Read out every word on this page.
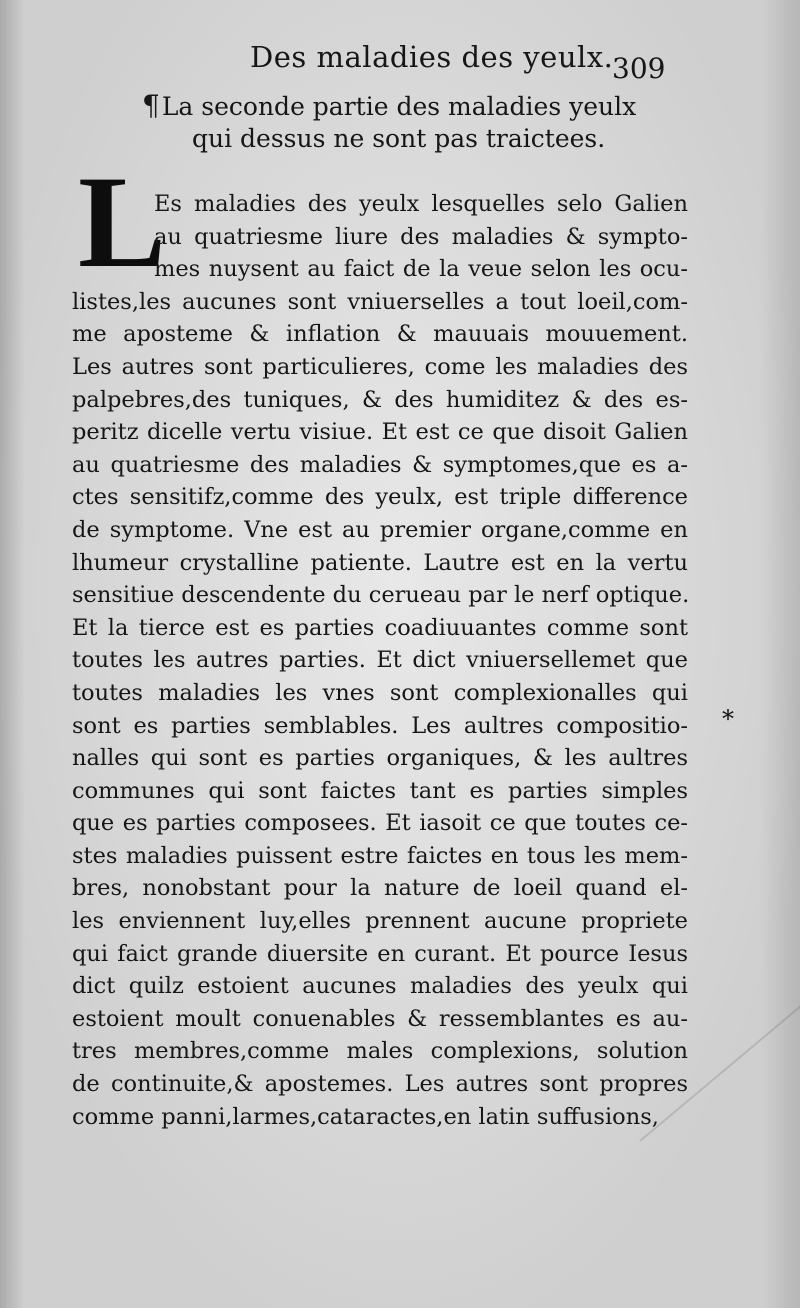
Des maladies des yeulx.
309
¶La seconde partie des maladies yeulx
qui dessus ne sont pas traictees.
L
Es maladies des yeulx lesquelles selo Galien
au quatriesme liure des maladies & sympto-
mes nuysent au faict de la veue selon les ocu-
listes,les aucunes sont vniuerselles a tout loeil,com-
me aposteme & inflation & mauuais mouuement.
Les autres sont particulieres, come les maladies des
palpebres,des tuniques, & des humiditez & des es-
peritz dicelle vertu visiue. Et est ce que disoit Galien
au quatriesme des maladies & symptomes,que es a-
ctes sensitifz,comme des yeulx, est triple difference
de symptome. Vne est au premier organe,comme en
lhumeur crystalline patiente. Lautre est en la vertu
sensitiue descendente du cerueau par le nerf optique.
Et la tierce est es parties coadiuuantes comme sont
toutes les autres parties. Et dict vniuersellemet que
toutes maladies les vnes sont complexionalles qui
sont es parties semblables. Les aultres compositio-
nalles qui sont es parties organiques, & les aultres
communes qui sont faictes tant es parties simples
que es parties composees. Et iasoit ce que toutes ce-
stes maladies puissent estre faictes en tous les mem-
bres, nonobstant pour la nature de loeil quand el-
les enviennent luy,elles prennent aucune propriete
qui faict grande diuersite en curant. Et pource Iesus
dict quilz estoient aucunes maladies des yeulx qui
estoient moult conuenables & ressemblantes es au-
tres membres,comme males complexions, solution
de continuite,& apostemes. Les autres sont propres
comme panni,larmes,cataractes,en latin suffusions,
*
